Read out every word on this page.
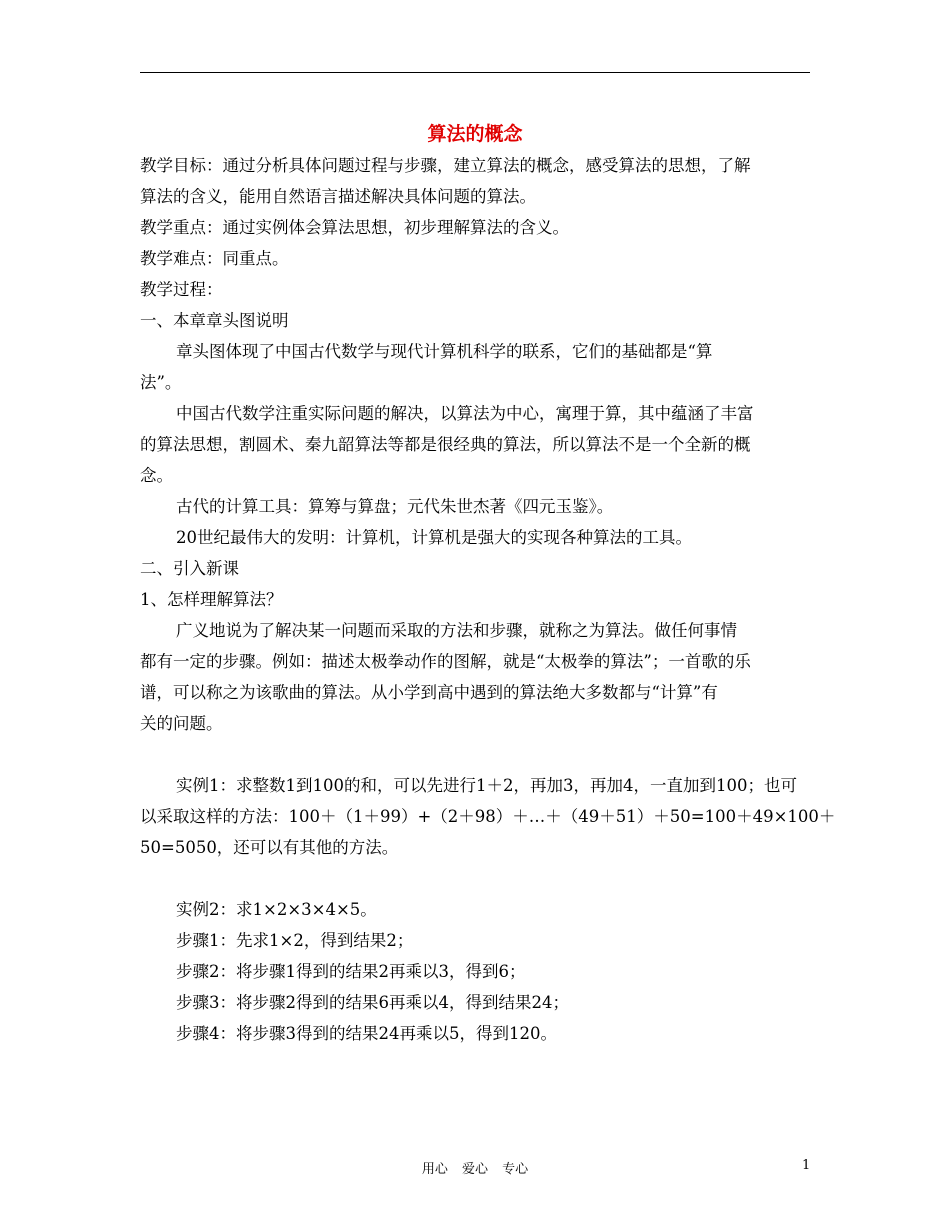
算法的概念
教学目标：通过分析具体问题过程与步骤，建立算法的概念，感受算法的思想，了解
算法的含义，能用自然语言描述解决具体问题的算法。
教学重点：通过实例体会算法思想，初步理解算法的含义。
教学难点：同重点。
教学过程：
一、本章章头图说明
章头图体现了中国古代数学与现代计算机科学的联系，它们的基础都是“算
法”。
中国古代数学注重实际问题的解决，以算法为中心，寓理于算，其中蕴涵了丰富
的算法思想，割圆术、秦九韶算法等都是很经典的算法，所以算法不是一个全新的概
念。
古代的计算工具：算筹与算盘；元代朱世杰著《四元玉鉴》。
20世纪最伟大的发明：计算机，计算机是强大的实现各种算法的工具。
二、引入新课
1、怎样理解算法？
广义地说为了解决某一问题而采取的方法和步骤，就称之为算法。做任何事情
都有一定的步骤。例如：描述太极拳动作的图解，就是“太极拳的算法”；一首歌的乐
谱，可以称之为该歌曲的算法。从小学到高中遇到的算法绝大多数都与“计算”有
关的问题。
实例1：求整数1到100的和，可以先进行1＋2，再加3，再加4，一直加到100；也可
以采取这样的方法：100＋（1＋99）+（2＋98）＋…＋（49＋51）＋50=100＋49×100＋
50=5050，还可以有其他的方法。
实例2：求1×2×3×4×5。
步骤1：先求1×2，得到结果2；
步骤2：将步骤1得到的结果2再乘以3，得到6；
步骤3：将步骤2得到的结果6再乘以4，得到结果24；
步骤4：将步骤3得到的结果24再乘以5，得到120。
用心 爱心 专心	1
